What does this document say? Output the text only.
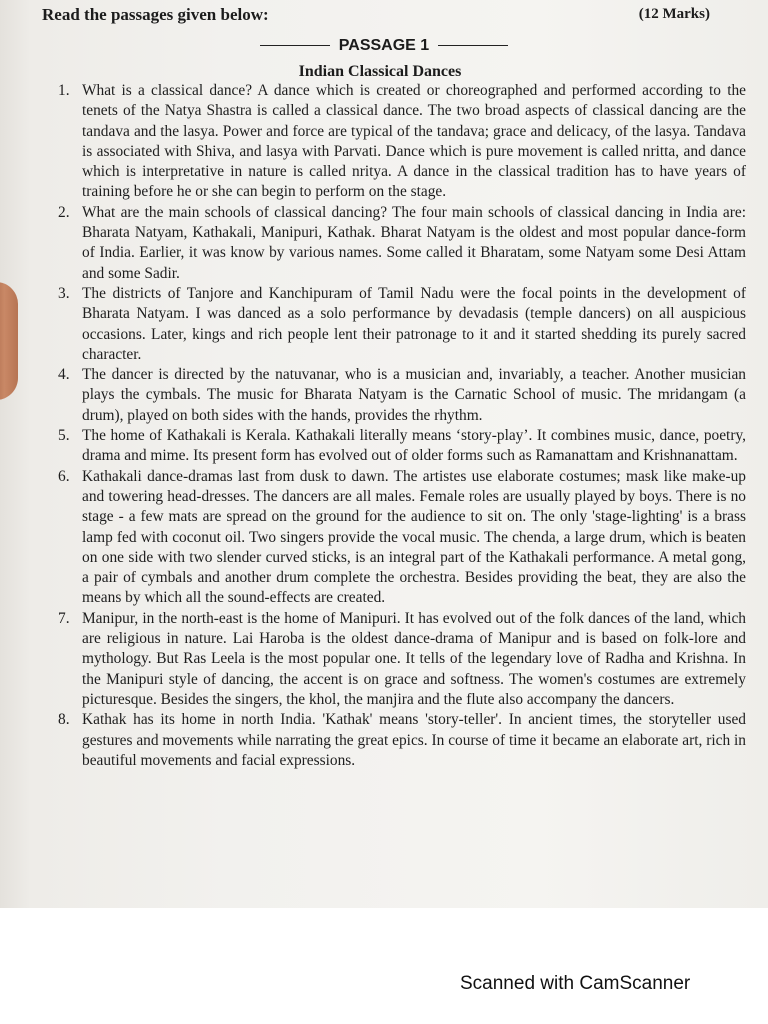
Read the passages given below:	(12 Marks)
PASSAGE 1
Indian Classical Dances
1. What is a classical dance? A dance which is created or choreographed and performed according to the tenets of the Natya Shastra is called a classical dance. The two broad aspects of classical dancing are the tandava and the lasya. Power and force are typical of the tandava; grace and delicacy, of the lasya. Tandava is associated with Shiva, and lasya with Parvati. Dance which is pure movement is called nritta, and dance which is interpretative in nature is called nritya. A dance in the classical tradition has to have years of training before he or she can begin to perform on the stage.
2. What are the main schools of classical dancing? The four main schools of classical dancing in India are: Bharata Natyam, Kathakali, Manipuri, Kathak. Bharat Natyam is the oldest and most popular dance-form of India. Earlier, it was know by various names. Some called it Bharatam, some Natyam some Desi Attam and some Sadir.
3. The districts of Tanjore and Kanchipuram of Tamil Nadu were the focal points in the development of Bharata Natyam. I was danced as a solo performance by devadasis (temple dancers) on all auspicious occasions. Later, kings and rich people lent their patronage to it and it started shedding its purely sacred character.
4. The dancer is directed by the natuvanar, who is a musician and, invariably, a teacher. Another musician plays the cymbals. The music for Bharata Natyam is the Carnatic School of music. The mridangam (a drum), played on both sides with the hands, provides the rhythm.
5. The home of Kathakali is Kerala. Kathakali literally means ‘story-play’. It combines music, dance, poetry, drama and mime. Its present form has evolved out of older forms such as Ramanattam and Krishnanattam.
6. Kathakali dance-dramas last from dusk to dawn. The artistes use elaborate costumes; mask like make-up and towering head-dresses. The dancers are all males. Female roles are usually played by boys. There is no stage - a few mats are spread on the ground for the audience to sit on. The only 'stage-lighting' is a brass lamp fed with coconut oil. Two singers provide the vocal music. The chenda, a large drum, which is beaten on one side with two slender curved sticks, is an integral part of the Kathakali performance. A metal gong, a pair of cymbals and another drum complete the orchestra. Besides providing the beat, they are also the means by which all the sound-effects are created.
7. Manipur, in the north-east is the home of Manipuri. It has evolved out of the folk dances of the land, which are religious in nature. Lai Haroba is the oldest dance-drama of Manipur and is based on folk-lore and mythology. But Ras Leela is the most popular one. It tells of the legendary love of Radha and Krishna. In the Manipuri style of dancing, the accent is on grace and softness. The women's costumes are extremely picturesque. Besides the singers, the khol, the manjira and the flute also accompany the dancers.
8. Kathak has its home in north India. 'Kathak' means 'story-teller'. In ancient times, the storyteller used gestures and movements while narrating the great epics. In course of time it became an elaborate art, rich in beautiful movements and facial expressions.
Scanned with CamScanner
